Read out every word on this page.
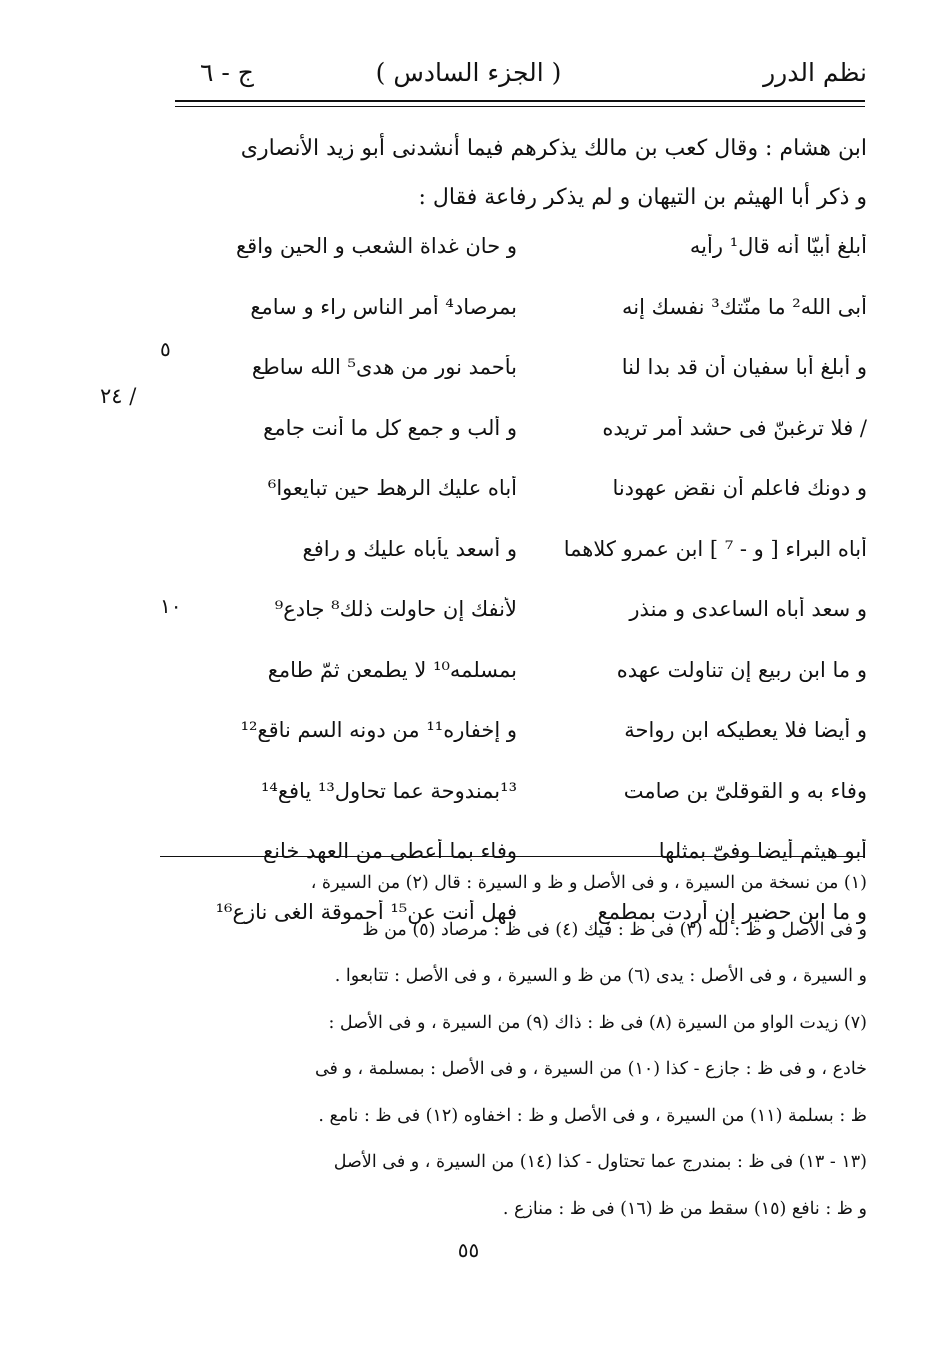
نظم الدرر
( الجزء السادس )
ج - ٦

ابن هشام : وقال كعب بن مالك يذكرهم فيما أنشدنى أبو زيد الأنصارى

و ذكر أبا الهيثم بن التيهان و لم يذكر رفاعة فقال :

أبلغ أبيّا أنه قال¹ رأيه
و حان غداة الشعب و الحين واقع
أبى الله² ما منّتك³ نفسك إنه
بمرصاد⁴ أمر الناس راء و سامع
و أبلغ أبا سفيان أن قد بدا لنا
بأحمد نور من هدى⁵ الله ساطع
/ فلا ترغبنّ فى حشد أمر تريده
و ألب و جمع كل ما أنت جامع
و دونك فاعلم أن نقض عهودنا
أباه عليك الرهط حين تبايعوا⁶
أباه البراء [ و - ⁷ ] ابن عمرو كلاهما
و أسعد يأباه عليك و رافع
و سعد أباه الساعدى و منذر
لأنفك إن حاولت ذلك⁸ جادع⁹
و ما ابن ربيع إن تناولت عهده
بمسلمه¹⁰ لا يطمعن ثمّ طامع
و أيضا فلا يعطيكه ابن رواحة
و إخفاره¹¹ من دونه السم ناقع¹²
وفاء به و القوقلىّ بن صامت
¹³بمندوحة عما تحاول¹³ يافع¹⁴
أبو هيثم أيضا وفىّ بمثلها
وفاء بما أعطى من العهد خانع
و ما ابن حضير إن أردت بمطمع
فهل أنت عن¹⁵ أحموقة الغى نازع¹⁶
٥
١٠
/ ٢٤

(١) من نسخة من السيرة ، و فى الأصل و ظ و السيرة : قال (٢) من السيرة ،

و فى الأصل و ظ : لله (٣) فى ظ : فيك (٤) فى ظ : مرصاد (٥) من ظ

و السيرة ، و فى الأصل : يدى (٦) من ظ و السيرة ، و فى الأصل : تتابعوا .

(٧) زيدت الواو من السيرة (٨) فى ظ : ذاك (٩) من السيرة ، و فى الأصل :

خادع ، و فى ظ : جازع - كذا (١٠) من السيرة ، و فى الأصل : بمسلمة ، و فى

ظ : بسلمة (١١) من السيرة ، و فى الأصل و ظ : اخفاوه (١٢) فى ظ : نامع .

(١٣ - ١٣) فى ظ : بمندرج عما تحتاول - كذا (١٤) من السيرة ، و فى الأصل

و ظ : نافع (١٥) سقط من ظ (١٦) فى ظ : منازع .

٥٥
